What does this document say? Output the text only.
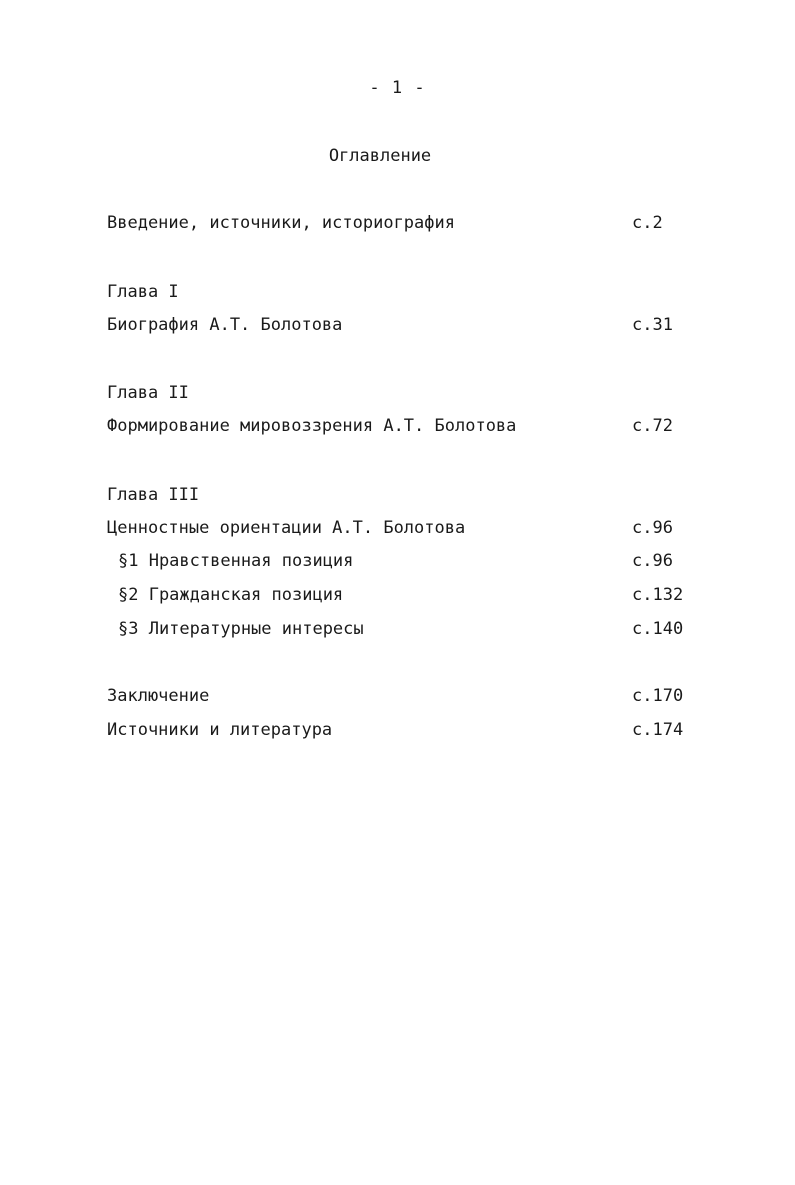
- 1 -
Оглавление
Введение, источники, историография	с.2
Глава I
Биография А.Т. Болотова	с.31
Глава II
Формирование мировоззрения А.Т. Болотова	с.72
Глава III
Ценностные ориентации А.Т. Болотова	с.96
§1 Нравственная позиция	с.96
§2 Гражданская позиция	с.132
§3 Литературные интересы	с.140
Заключение	с.170
Источники и литература	с.174
